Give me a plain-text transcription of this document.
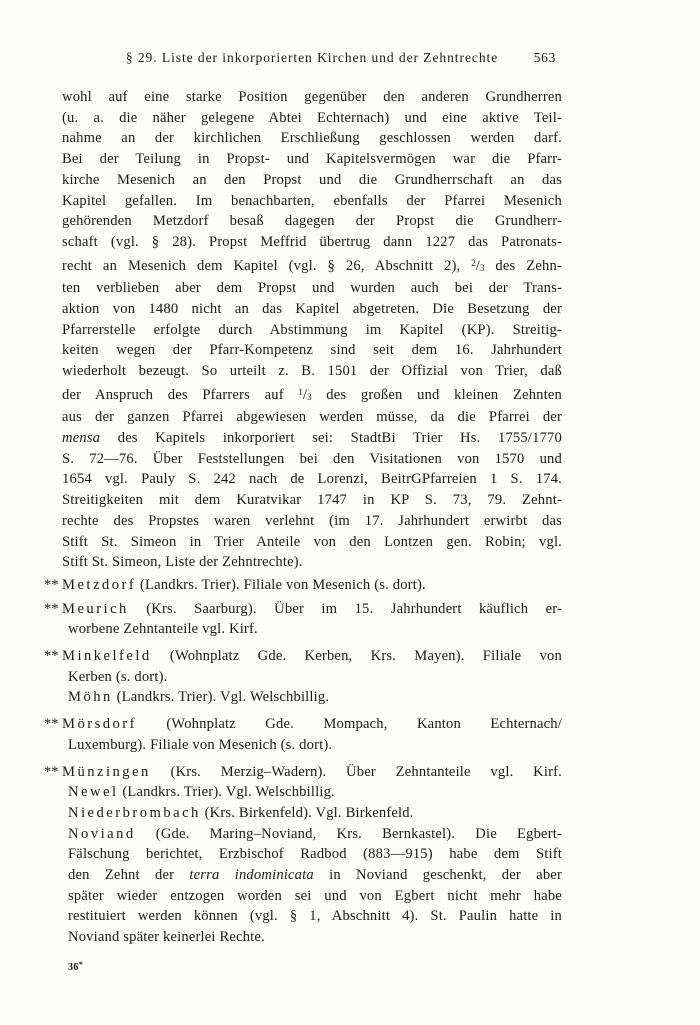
§ 29. Liste der inkorporierten Kirchen und der Zehntrechte	563
wohl auf eine starke Position gegenüber den anderen Grundherren
(u. a. die näher gelegene Abtei Echternach) und eine aktive Teil-
nahme an der kirchlichen Erschließung geschlossen werden darf.
Bei der Teilung in Propst- und Kapitelsvermögen war die Pfarr-
kirche Mesenich an den Propst und die Grundherrschaft an das
Kapitel gefallen. Im benachbarten, ebenfalls der Pfarrei Mesenich
gehörenden Metzdorf besaß dagegen der Propst die Grundherr-
schaft (vgl. § 28). Propst Meffrid übertrug dann 1227 das Patronats-
recht an Mesenich dem Kapitel (vgl. § 26, Abschnitt 2), $^2$/3 des Zehn-
ten verblieben aber dem Propst und wurden auch bei der Trans-
aktion von 1480 nicht an das Kapitel abgetreten. Die Besetzung der
Pfarrerstelle erfolgte durch Abstimmung im Kapitel (KP). Streitig-
keiten wegen der Pfarr-Kompetenz sind seit dem 16. Jahrhundert
wiederholt bezeugt. So urteilt z. B. 1501 der Offizial von Trier, daß
der Anspruch des Pfarrers auf $^1$/3 des großen und kleinen Zehnten
aus der ganzen Pfarrei abgewiesen werden müsse, da die Pfarrei der
mensa des Kapitels inkorporiert sei: StadtBi Trier Hs. 1755/1770
S. 72—76. Über Feststellungen bei den Visitationen von 1570 und
1654 vgl. Pauly S. 242 nach de Lorenzi, BeitrGPfarreien 1 S. 174.
Streitigkeiten mit dem Kuratvikar 1747 in KP S. 73, 79. Zehnt-
rechte des Propstes waren verlehnt (im 17. Jahrhundert erwirbt das
Stift St. Simeon in Trier Anteile von den Lontzen gen. Robin; vgl.
Stift St. Simeon, Liste der Zehntrechte).
** Metzdorf (Landkrs. Trier). Filiale von Mesenich (s. dort).
** Meurich (Krs. Saarburg). Über im 15. Jahrhundert käuflich er-
worbene Zehntanteile vgl. Kirf.
** Minkelfeld (Wohnplatz Gde. Kerben, Krs. Mayen). Filiale von
Kerben (s. dort).
Möhn (Landkrs. Trier). Vgl. Welschbillig.
** Mörsdorf (Wohnplatz Gde. Mompach, Kanton Echternach/
Luxemburg). Filiale von Mesenich (s. dort).
** Münzingen (Krs. Merzig–Wadern). Über Zehntanteile vgl. Kirf.
Newel (Landkrs. Trier). Vgl. Welschbillig.
Niederbrombach (Krs. Birkenfeld). Vgl. Birkenfeld.
Noviand (Gde. Maring–Noviand, Krs. Bernkastel). Die Egbert-
Fälschung berichtet, Erzbischof Radbod (883—915) habe dem Stift
den Zehnt der terra indominicata in Noviand geschenkt, der aber
später wieder entzogen worden sei und von Egbert nicht mehr habe
restituiert werden können (vgl. § 1, Abschnitt 4). St. Paulin hatte in
Noviand später keinerlei Rechte.
36*
